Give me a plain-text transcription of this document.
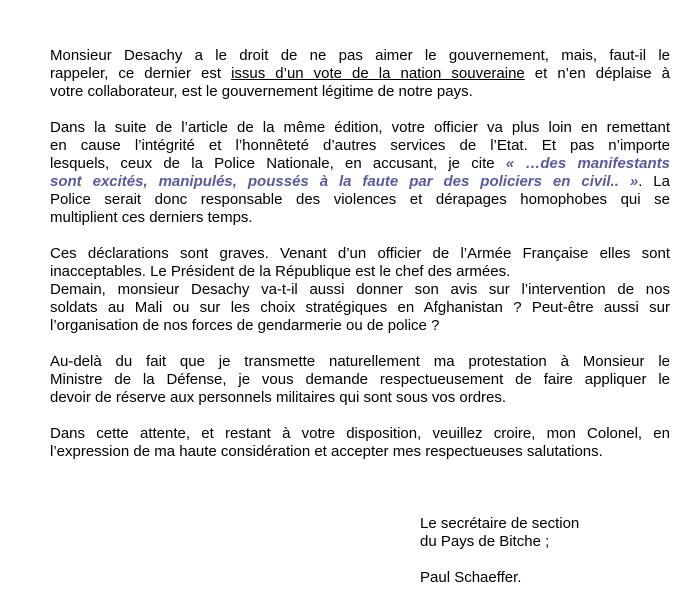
Monsieur Desachy a le droit de ne pas aimer le gouvernement, mais, faut-il le
rappeler, ce dernier est issus d’un vote de la nation souveraine et n’en déplaise à
votre collaborateur, est le gouvernement légitime de notre pays.

Dans la suite de l’article de la même édition, votre officier va plus loin en remettant
en cause l’intégrité et l’honnêteté d’autres services de l’Etat. Et pas n’importe
lesquels, ceux de la Police Nationale, en accusant, je cite « …des manifestants
sont excités, manipulés, poussés à la faute par des policiers en civil.. ». La
Police serait donc responsable des violences et dérapages homophobes qui se
multiplient ces derniers temps.

Ces déclarations sont graves. Venant d’un officier de l’Armée Française elles sont
inacceptables. Le Président de la République est le chef des armées.
Demain, monsieur Desachy va-t-il aussi donner son avis sur l’intervention de nos
soldats au Mali ou sur les choix stratégiques en Afghanistan ? Peut-être aussi sur
l’organisation de nos forces de gendarmerie ou de police ?

Au-delà du fait que je transmette naturellement ma protestation à Monsieur le
Ministre de la Défense, je vous demande respectueusement de faire appliquer le
devoir de réserve aux personnels militaires qui sont sous vos ordres.

Dans cette attente, et restant à votre disposition, veuillez croire, mon Colonel, en
l’expression de ma haute considération et accepter mes respectueuses salutations.

Le secrétaire de section
du Pays de Bitche ;
Paul Schaeffer.
